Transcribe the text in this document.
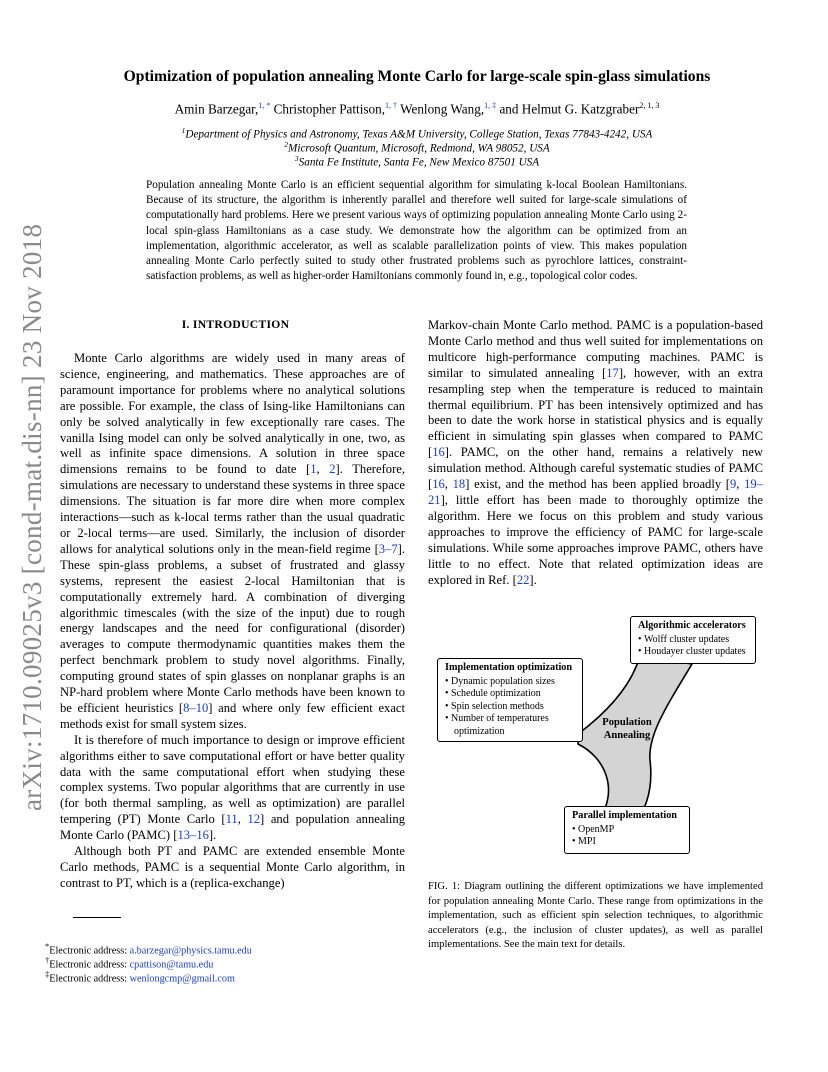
arXiv:1710.09025v3 [cond-mat.dis-nn] 23 Nov 2018
Optimization of population annealing Monte Carlo for large-scale spin-glass simulations
Amin Barzegar,$^{1, *}$ Christopher Pattison,$^{1, \dagger}$ Wenlong Wang,$^{1, \ddagger}$ and Helmut G. Katzgraber$^{2, 1, 3}$
$^1$Department of Physics and Astronomy, Texas A&M University, College Station, Texas 77843-4242, USA
$^2$Microsoft Quantum, Microsoft, Redmond, WA 98052, USA
$^3$Santa Fe Institute, Santa Fe, New Mexico 87501 USA
Population annealing Monte Carlo is an efficient sequential algorithm for simulating k-local Boolean Hamiltonians. Because of its structure, the algorithm is inherently parallel and therefore well suited for large-scale simulations of computationally hard problems. Here we present various ways of optimizing population annealing Monte Carlo using 2-local spin-glass Hamiltonians as a case study. We demonstrate how the algorithm can be optimized from an implementation, algorithmic accelerator, as well as scalable parallelization points of view. This makes population annealing Monte Carlo perfectly suited to study other frustrated problems such as pyrochlore lattices, constraint-satisfaction problems, as well as higher-order Hamiltonians commonly found in, e.g., topological color codes.
I. INTRODUCTION

Monte Carlo algorithms are widely used in many areas of science, engineering, and mathematics. These approaches are of paramount importance for problems where no analytical solutions are possible. For example, the class of Ising-like Hamiltonians can only be solved analytically in few exceptionally rare cases. The vanilla Ising model can only be solved analytically in one, two, as well as infinite space dimensions. A solution in three space dimensions remains to be found to date [1, 2]. Therefore, simulations are necessary to understand these systems in three space dimensions. The situation is far more dire when more complex interactions—such as k-local terms rather than the usual quadratic or 2-local terms—are used. Similarly, the inclusion of disorder allows for analytical solutions only in the mean-field regime [3–7]. These spin-glass problems, a subset of frustrated and glassy systems, represent the easiest 2-local Hamiltonian that is computationally extremely hard. A combination of diverging algorithmic timescales (with the size of the input) due to rough energy landscapes and the need for configurational (disorder) averages to compute thermodynamic quantities makes them the perfect benchmark problem to study novel algorithms. Finally, computing ground states of spin glasses on nonplanar graphs is an NP-hard problem where Monte Carlo methods have been known to be efficient heuristics [8–10] and where only few efficient exact methods exist for small system sizes.

It is therefore of much importance to design or improve efficient algorithms either to save computational effort or have better quality data with the same computational effort when studying these complex systems. Two popular algorithms that are currently in use (for both thermal sampling, as well as optimization) are parallel tempering (PT) Monte Carlo [11, 12] and population annealing Monte Carlo (PAMC) [13–16].

Although both PT and PAMC are extended ensemble Monte Carlo methods, PAMC is a sequential Monte Carlo algorithm, in contrast to PT, which is a (replica-exchange)

Markov-chain Monte Carlo method. PAMC is a population-based Monte Carlo method and thus well suited for implementations on multicore high-performance computing machines. PAMC is similar to simulated annealing [17], however, with an extra resampling step when the temperature is reduced to maintain thermal equilibrium. PT has been intensively optimized and has been to date the work horse in statistical physics and is equally efficient in simulating spin glasses when compared to PAMC [16]. PAMC, on the other hand, remains a relatively new simulation method. Although careful systematic studies of PAMC [16, 18] exist, and the method has been applied broadly [9, 19–21], little effort has been made to thoroughly optimize the algorithm. Here we focus on this problem and study various approaches to improve the efficiency of PAMC for large-scale simulations. While some approaches improve PAMC, others have little to no effect. Note that related optimization ideas are explored in Ref. [22].

Population
Annealing
Algorithmic accelerators
• Wolff cluster updates
• Houdayer cluster updates
Implementation optimization
• Dynamic population sizes
• Schedule optimization
• Spin selection methods
• Number of temperatures optimization
Parallel implementation
• OpenMP
• MPI
FIG. 1: Diagram outlining the different optimizations we have implemented for population annealing Monte Carlo. These range from optimizations in the implementation, such as efficient spin selection techniques, to algorithmic accelerators (e.g., the inclusion of cluster updates), as well as parallel implementations. See the main text for details.
*Electronic address: a.barzegar@physics.tamu.edu
†Electronic address: cpattison@tamu.edu
‡Electronic address: wenlongcmp@gmail.com
